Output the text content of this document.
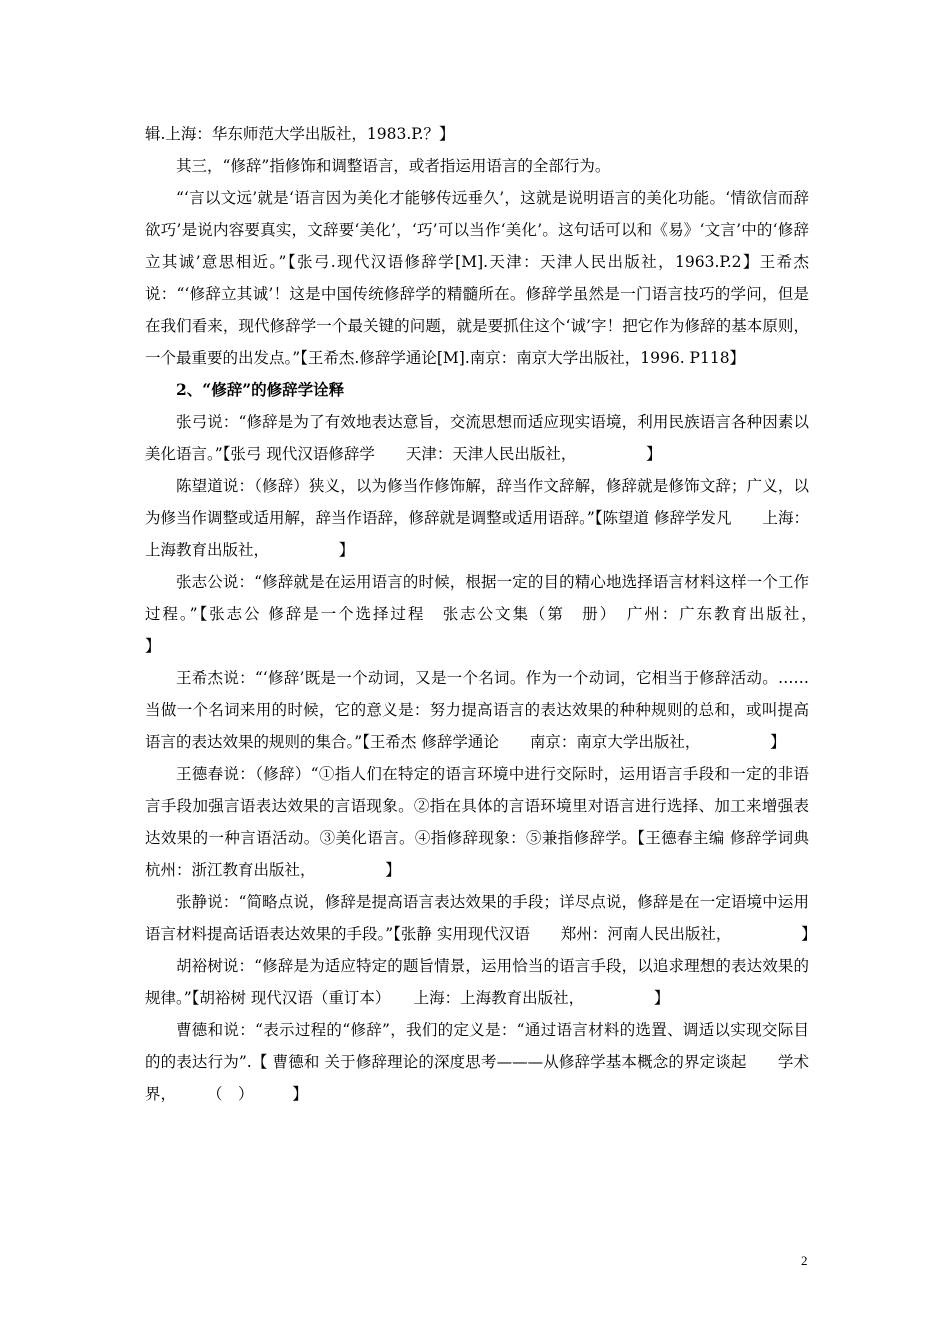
辑.上海：华东师范大学出版社，1983.P.？】

其三，“修辞”指修饰和调整语言，或者指运用语言的全部行为。

“‘言以文远’就是‘语言因为美化才能够传远垂久’，这就是说明语言的美化功能。‘情欲信而辞欲巧’是说内容要真实，文辞要‘美化’，‘巧’可以当作‘美化’。这句话可以和《易》‘文言’中的‘修辞立其诚’意思相近。”【张弓.现代汉语修辞学[M].天津：天津人民出版社，1963.P.2】王希杰说：“‘修辞立其诚’！这是中国传统修辞学的精髓所在。修辞学虽然是一门语言技巧的学问，但是在我们看来，现代修辞学一个最关键的问题，就是要抓住这个‘诚’字！把它作为修辞的基本原则，一个最重要的出发点。”【王希杰.修辞学通论[M].南京：南京大学出版社，1996. P118】

2、“修辞”的修辞学诠释

张弓说：“修辞是为了有效地表达意旨，交流思想而适应现实语境，利用民族语言各种因素以美化语言。”【张弓 现代汉语修辞学　　天津：天津人民出版社，　　　　　】

陈望道说：（修辞）狭义，以为修当作修饰解，辞当作文辞解，修辞就是修饰文辞；广义，以为修当作调整或适用解，辞当作语辞，修辞就是调整或适用语辞。”【陈望道 修辞学发凡　　上海：上海教育出版社，　　　　　】

张志公说：“修辞就是在运用语言的时候，根据一定的目的精心地选择语言材料这样一个工作过程。”【张志公 修辞是一个选择过程　张志公文集（第　册）　广州：广东教育出版社，　　　　　】

王希杰说：“‘修辞’既是一个动词，又是一个名词。作为一个动词，它相当于修辞活动。……当做一个名词来用的时候，它的意义是：努力提高语言的表达效果的种种规则的总和，或叫提高语言的表达效果的规则的集合。”【王希杰 修辞学通论　　南京：南京大学出版社，　　　　　】

王德春说：（修辞）“①指人们在特定的语言环境中进行交际时，运用语言手段和一定的非语言手段加强言语表达效果的言语现象。②指在具体的言语环境里对语言进行选择、加工来增强表达效果的一种言语活动。③美化语言。④指修辞现象：⑤兼指修辞学。【王德春主编 修辞学词典　　杭州：浙江教育出版社，　　　　　】

张静说：“简略点说，修辞是提高语言表达效果的手段；详尽点说，修辞是在一定语境中运用语言材料提高话语表达效果的手段。”【张静 实用现代汉语　　郑州：河南人民出版社，　　　　　】

胡裕树说：“修辞是为适应特定的题旨情景，运用恰当的语言手段，以追求理想的表达效果的规律。”【胡裕树 现代汉语（重订本）　　上海：上海教育出版社，　　　　　】

曹德和说：“表示过程的“修辞”，我们的定义是：“通过语言材料的选置、调适以实现交际目的的表达行为”.【 曹德和 关于修辞理论的深度思考———从修辞学基本概念的界定谈起　　学术界，　　　（　）　　　】

2
